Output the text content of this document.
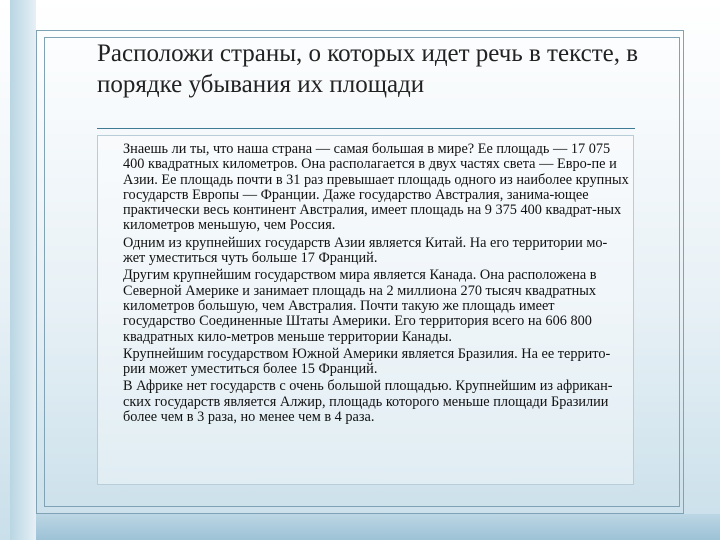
Расположи страны, о которых идет речь в тексте, в порядке убывания их площади

Знаешь ли ты, что наша страна — самая большая в мире? Ее площадь — 17 075 400 квадратных километров. Она располагается в двух частях света — Евро-пе и Азии. Ее площадь почти в 31 раз превышает площадь одного из наиболее крупных государств Европы — Франции. Даже государство Австралия, занима-ющее практически весь континент Австралия, имеет площадь на 9 375 400 квадрат-ных километров меньшую, чем Россия.

Одним из крупнейших государств Азии является Китай. На его территории мо-жет уместиться чуть больше 17 Франций.

Другим крупнейшим государством мира является Канада. Она расположена в Северной Америке и занимает площадь на 2 миллиона 270 тысяч квадратных километров большую, чем Австралия. Почти такую же площадь имеет государство Соединенные Штаты Америки. Его территория всего на 606 800 квадратных кило-метров меньше территории Канады.

Крупнейшим государством Южной Америки является Бразилия. На ее террито-рии может уместиться более 15 Франций.

В Африке нет государств с очень большой площадью. Крупнейшим из африкан-ских государств является Алжир, площадь которого меньше площади Бразилии более чем в 3 раза, но менее чем в 4 раза.
